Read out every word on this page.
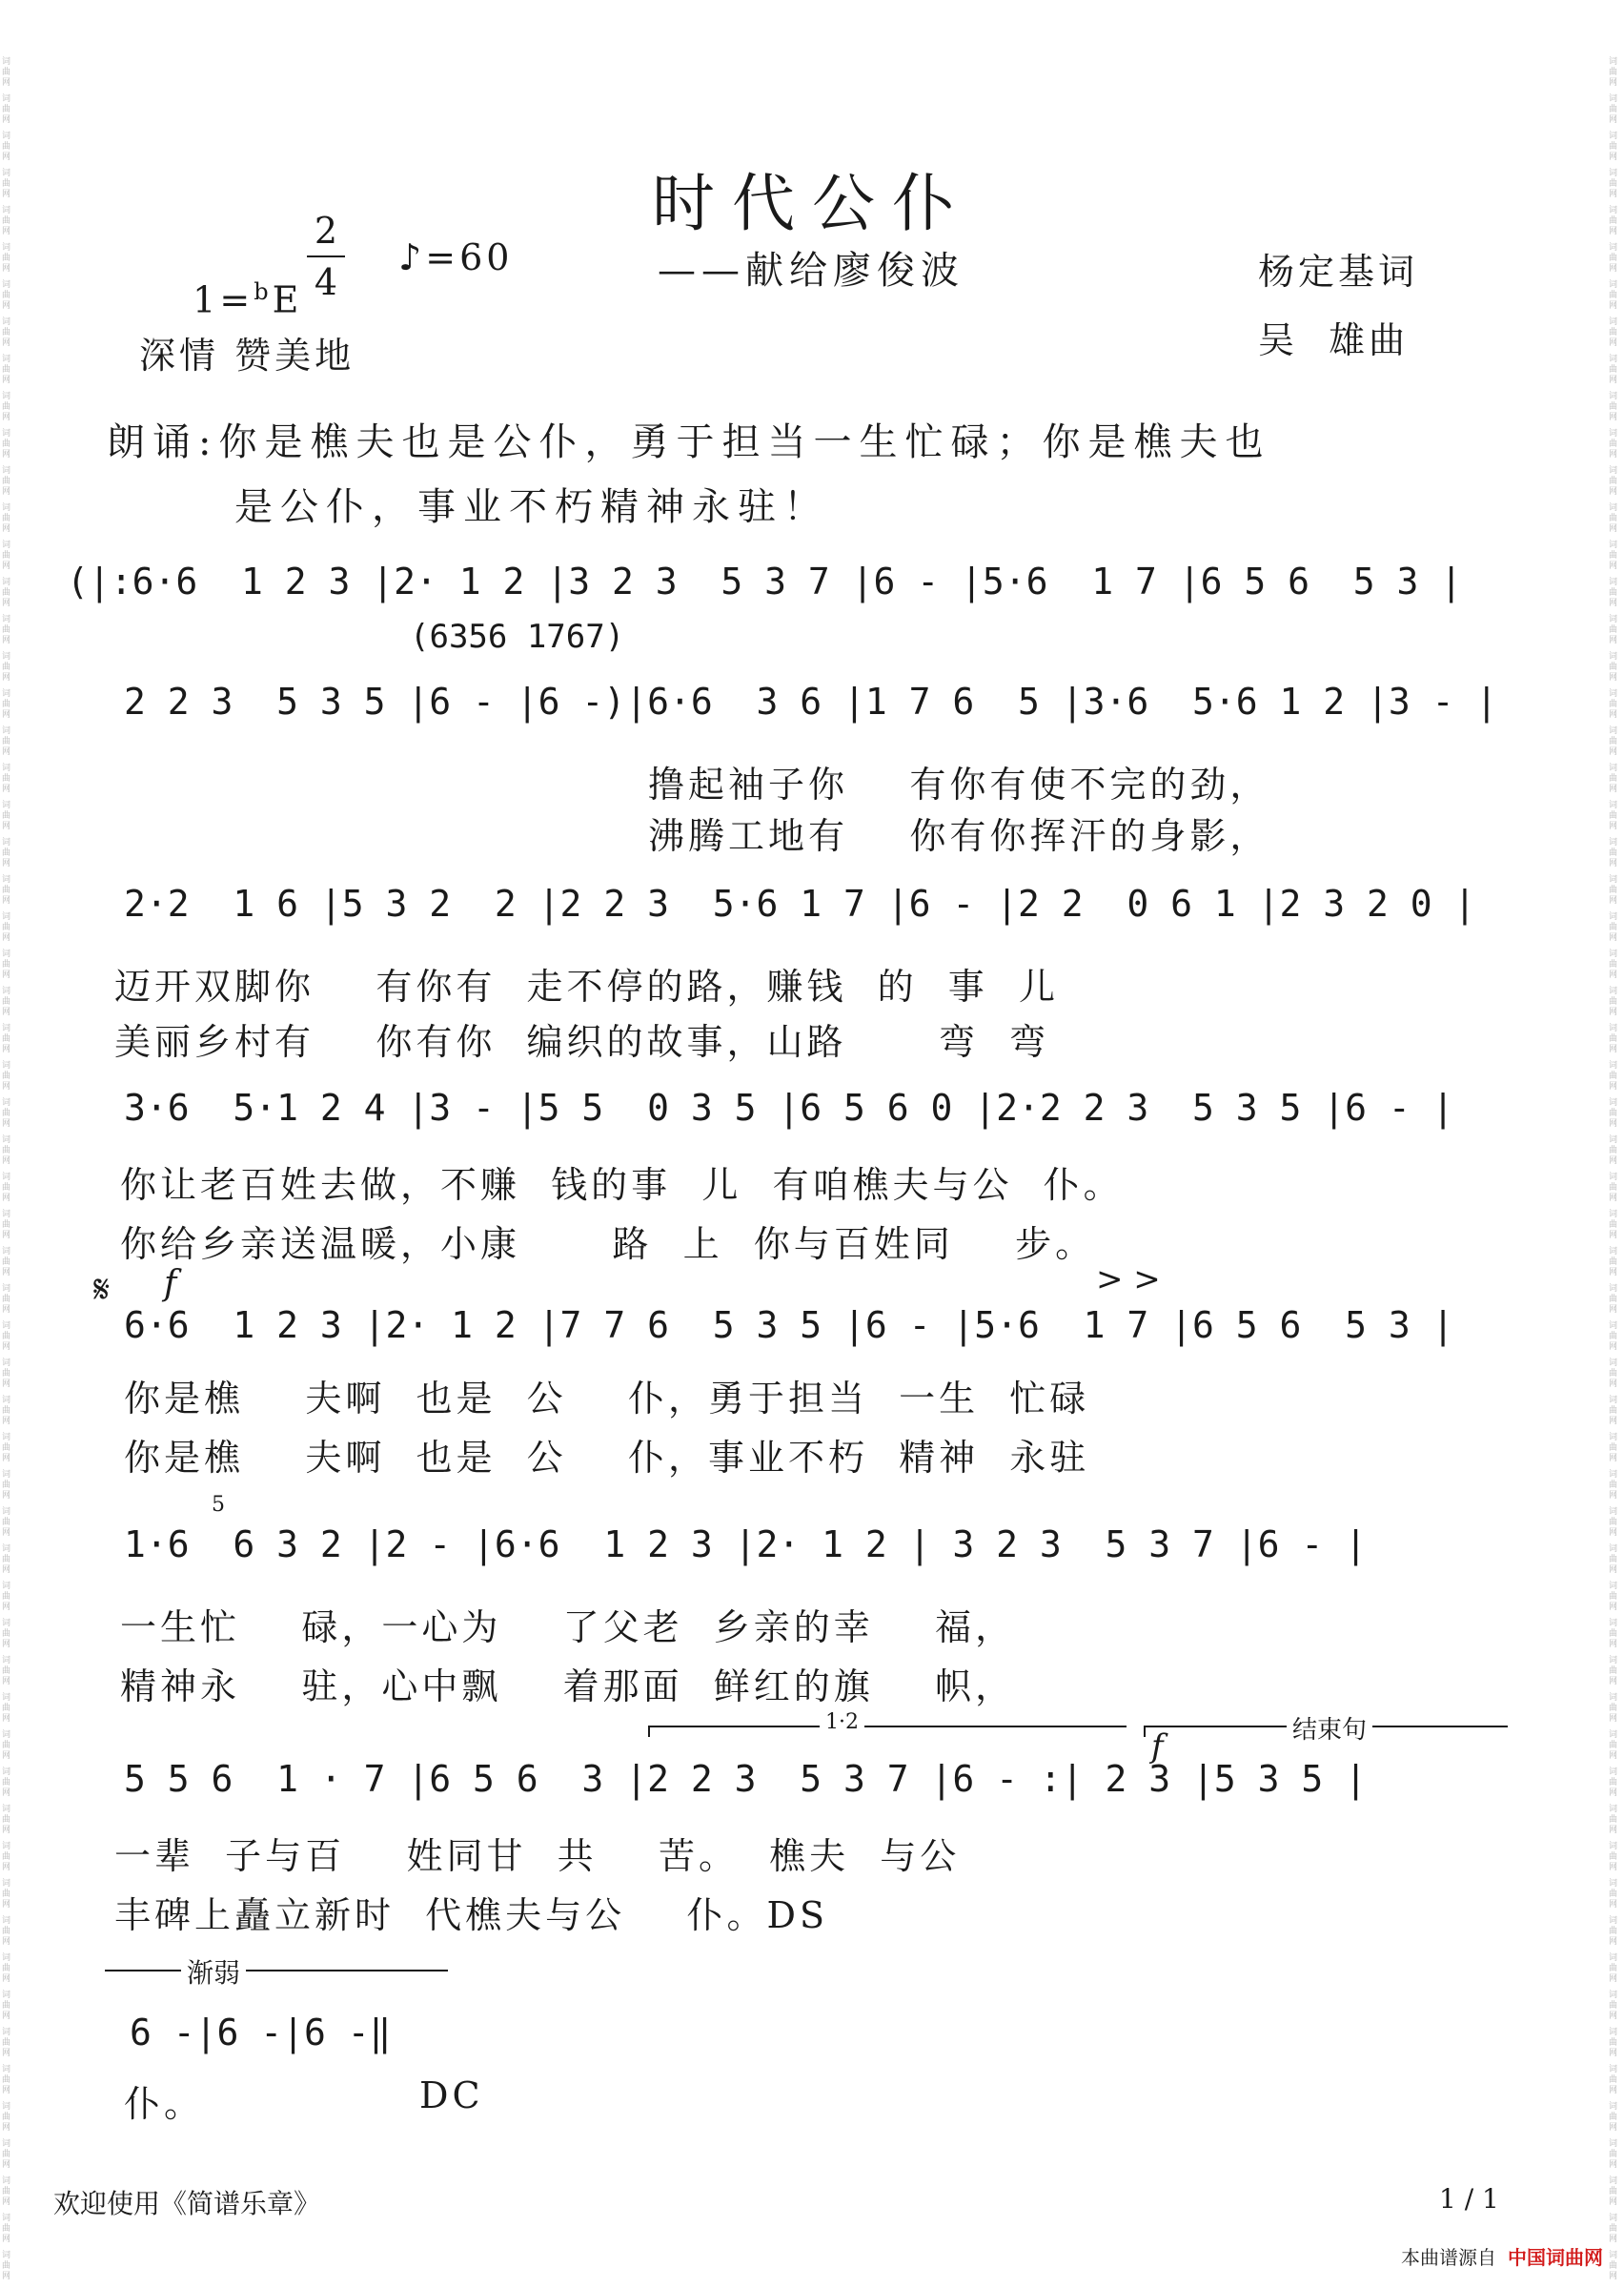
词
曲
网
词
曲
网
词
曲
网
词
曲
网
词
曲
网
词
曲
网
词
曲
网
词
曲
网
词
曲
网
词
曲
网
词
曲
网
词
曲
网
词
曲
网
词
曲
网
词
曲
网
词
曲
网
词
曲
网
词
曲
网
词
曲
网
词
曲
网
词
曲
网
词
曲
网
词
曲
网
词
曲
网
词
曲
网
词
曲
网
词
曲
网
词
曲
网
词
曲
网
词
曲
网
词
曲
网
词
曲
网
词
曲
网
词
曲
网
词
曲
网
词
曲
网
词
曲
网
词
曲
网
词
曲
网
词
曲
网
词
曲
网
词
曲
网
词
曲
网
词
曲
网
词
曲
网
词
曲
网
词
曲
网
词
曲
网
词
曲
网
词
曲
网
词
曲
网
词
曲
网
词
曲
网
词
曲
网
词
曲
网
词
曲
网
词
曲
网
词
曲
网
词
曲
网
词
曲
网
词
曲
网
词
曲
网
词
曲
网
词
曲
网
词
曲
网
词
曲
网
词
曲
网
词
曲
网
词
曲
网
词
曲
网
词
曲
网
词
曲
网
词
曲
网
词
曲
网
词
曲
网
词
曲
网
词
曲
网
词
曲
网
词
曲
网
词
曲
网
词
曲
网
词
曲
网
词
曲
网
词
曲
网
词
曲
网
词
曲
网
词
曲
网
词
曲
网
词
曲
网
词
曲
网
词
曲
网
词
曲
网
词
曲
网
词
曲
网
词
曲
网
词
曲
网
词
曲
网
词
曲
网
词
曲
网
词
曲
网
词
曲
网
词
曲
网
词
曲
网
词
曲
网
词
曲
网
词
曲
网
词
曲
网
词
曲
网
词
曲
网
词
曲
网
词
曲
网
词
曲
网
词
曲
网
词
曲
网
词
曲
网
词
曲
网
词
曲
网
词
曲
网
词
曲
网
词
曲
网
时代公仆
——献给廖俊波

1=$^b$E

2
4
♪=60
深情 赞美地
杨定基词
吴  雄曲
朗诵:你是樵夫也是公仆，勇于担当一生忙碌；你是樵夫也
是公仆，事业不朽精神永驻！
(|:6·6  1 2 3 |2· 1 2 |3 2 3  5 3 7 |6 - |5·6  1 7 |6 5 6  5 3 |
(6356 1767)
2 2 3  5 3 5 |6 - |6 -)|6·6  3 6 |1 7 6  5 |3·6  5·6 1 2 |3 - |
撸起袖子你    有你有使不完的劲，
沸腾工地有    你有你挥汗的身影，
2·2  1 6 |5 3 2  2 |2 2 3  5·6 1 7 |6 - |2 2  0 6 1 |2 3 2 0 |
迈开双脚你    有你有  走不停的路，赚钱  的  事  儿
美丽乡村有    你有你  编织的故事，山路      弯  弯
3·6  5·1 2 4 |3 - |5 5  0 3 5 |6 5 6 0 |2·2 2 3  5 3 5 |6 - |
你让老百姓去做，不赚  钱的事  儿  有咱樵夫与公  仆。
你给乡亲送温暖，小康      路  上  你与百姓同    步。
𝄋 f	> >
6·6  1 2 3 |2· 1 2 |7 7 6  5 3 5 |6 - |5·6  1 7 |6 5 6  5 3 |
你是樵    夫啊  也是  公    仆，勇于担当  一生  忙碌
你是樵    夫啊  也是  公    仆，事业不朽  精神  永驻
5
1·6  6 3 2 |2 - |6·6  1 2 3 |2· 1 2 | 3 2 3  5 3 7 |6 - |
一生忙    碌，一心为    了父老  乡亲的幸    福，
精神永    驻，心中飘    着那面  鲜红的旗    帜，
1·2	结束句
f
5 5 6  1 · 7 |6 5 6  3 |2 2 3  5 3 7 |6 - :| 2 3 |5 3 5 |
一辈  子与百    姓同甘  共    苦。  樵夫  与公
丰碑上矗立新时  代樵夫与公    仆。DS
渐弱
6 -|6 -|6 -‖
仆。	DC
欢迎使用《简谱乐章》	1 / 1
本曲谱源自 中国词曲网
